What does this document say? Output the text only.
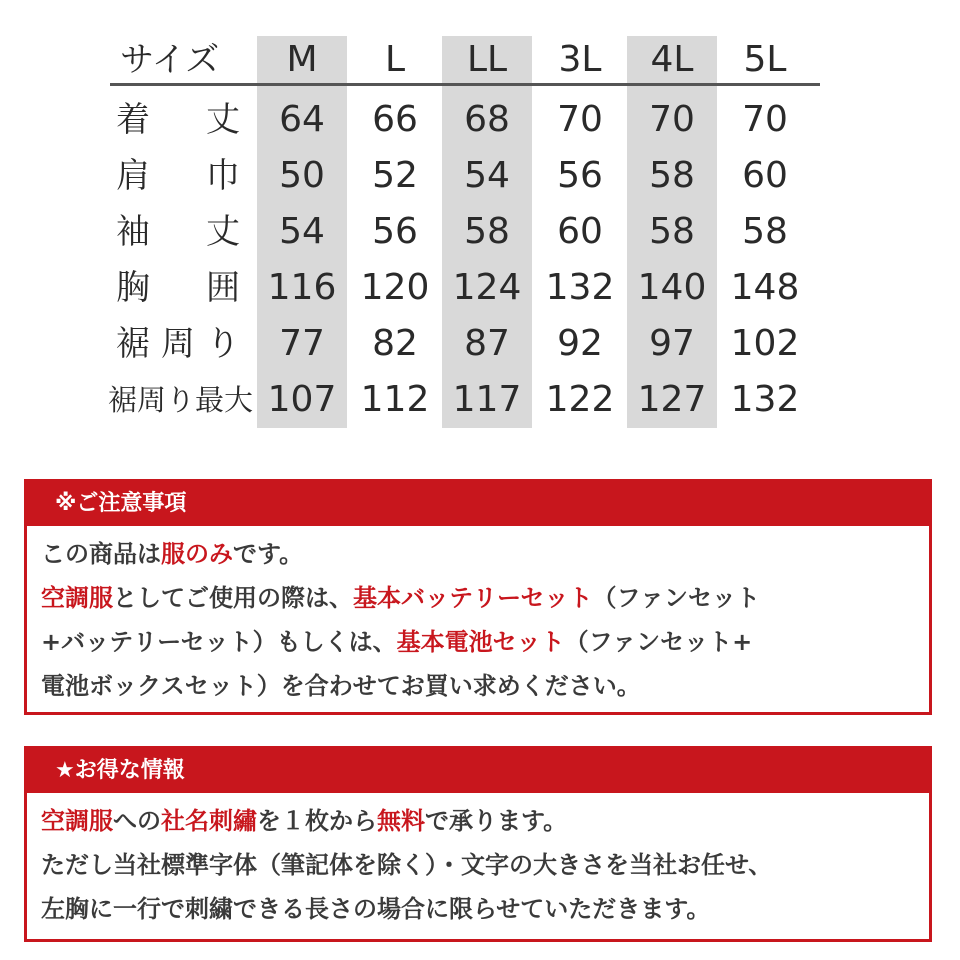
サイズ	M	L	LL	3L	4L	5L
着　丈	64	66	68	70	70	70
肩　巾	50	52	54	56	58	60
袖　丈	54	56	58	60	58	58
胸　囲 116 120 124 132 140 148
裾周り	77	82	87	92	97 102
裾周り最大 107 112 117 122 127 132
※ご注意事項
この商品は服のみです。
空調服としてご使用の際は、基本バッテリーセット（ファンセット
+バッテリーセット）もしくは、基本電池セット（ファンセット+
電池ボックスセット）を合わせてお買い求めください。
★お得な情報
空調服への社名刺繡を１枚から無料で承ります。
ただし当社標準字体（筆記体を除く）・文字の大きさを当社お任せ、
左胸に一行で刺繍できる長さの場合に限らせていただきます。
